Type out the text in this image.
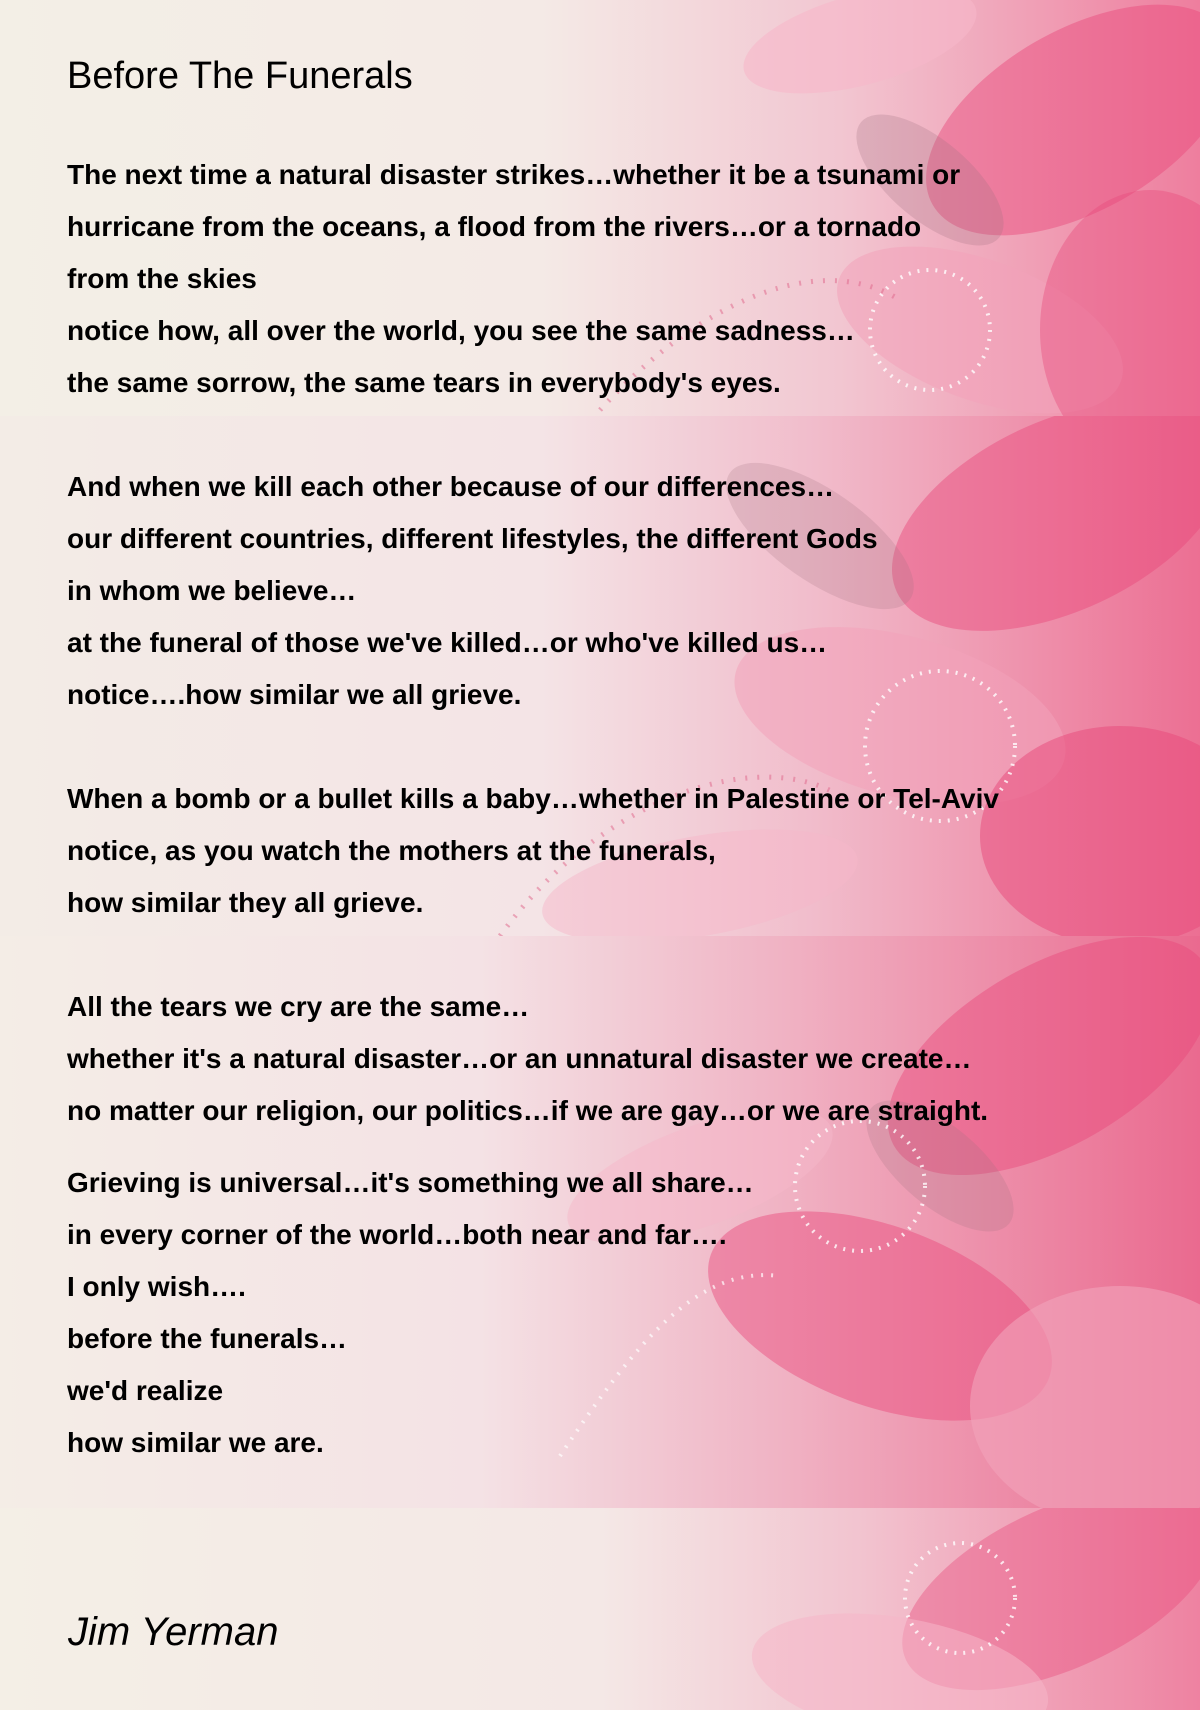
Before The Funerals
The next time a natural disaster strikes…whether it be a tsunami or
hurricane from the oceans, a flood from the rivers…or a tornado
from the skies
notice how, all over the world, you see the same sadness…
the same sorrow, the same tears in everybody's eyes.
And when we kill each other because of our differences…
our different countries, different lifestyles, the different Gods
in whom we believe…
at the funeral of those we've killed…or who've killed us…
notice….how similar we all grieve.
When a bomb or a bullet kills a baby…whether in Palestine or Tel-Aviv
notice, as you watch the mothers at the funerals,
how similar they all grieve.
All the tears we cry are the same…
whether it's a natural disaster…or an unnatural disaster we create…
no matter our religion, our politics…if we are gay…or we are straight.
Grieving is universal…it's something we all share…
in every corner of the world…both near and far….
I only wish….
before the funerals…
we'd realize
how similar we are.
Jim Yerman
